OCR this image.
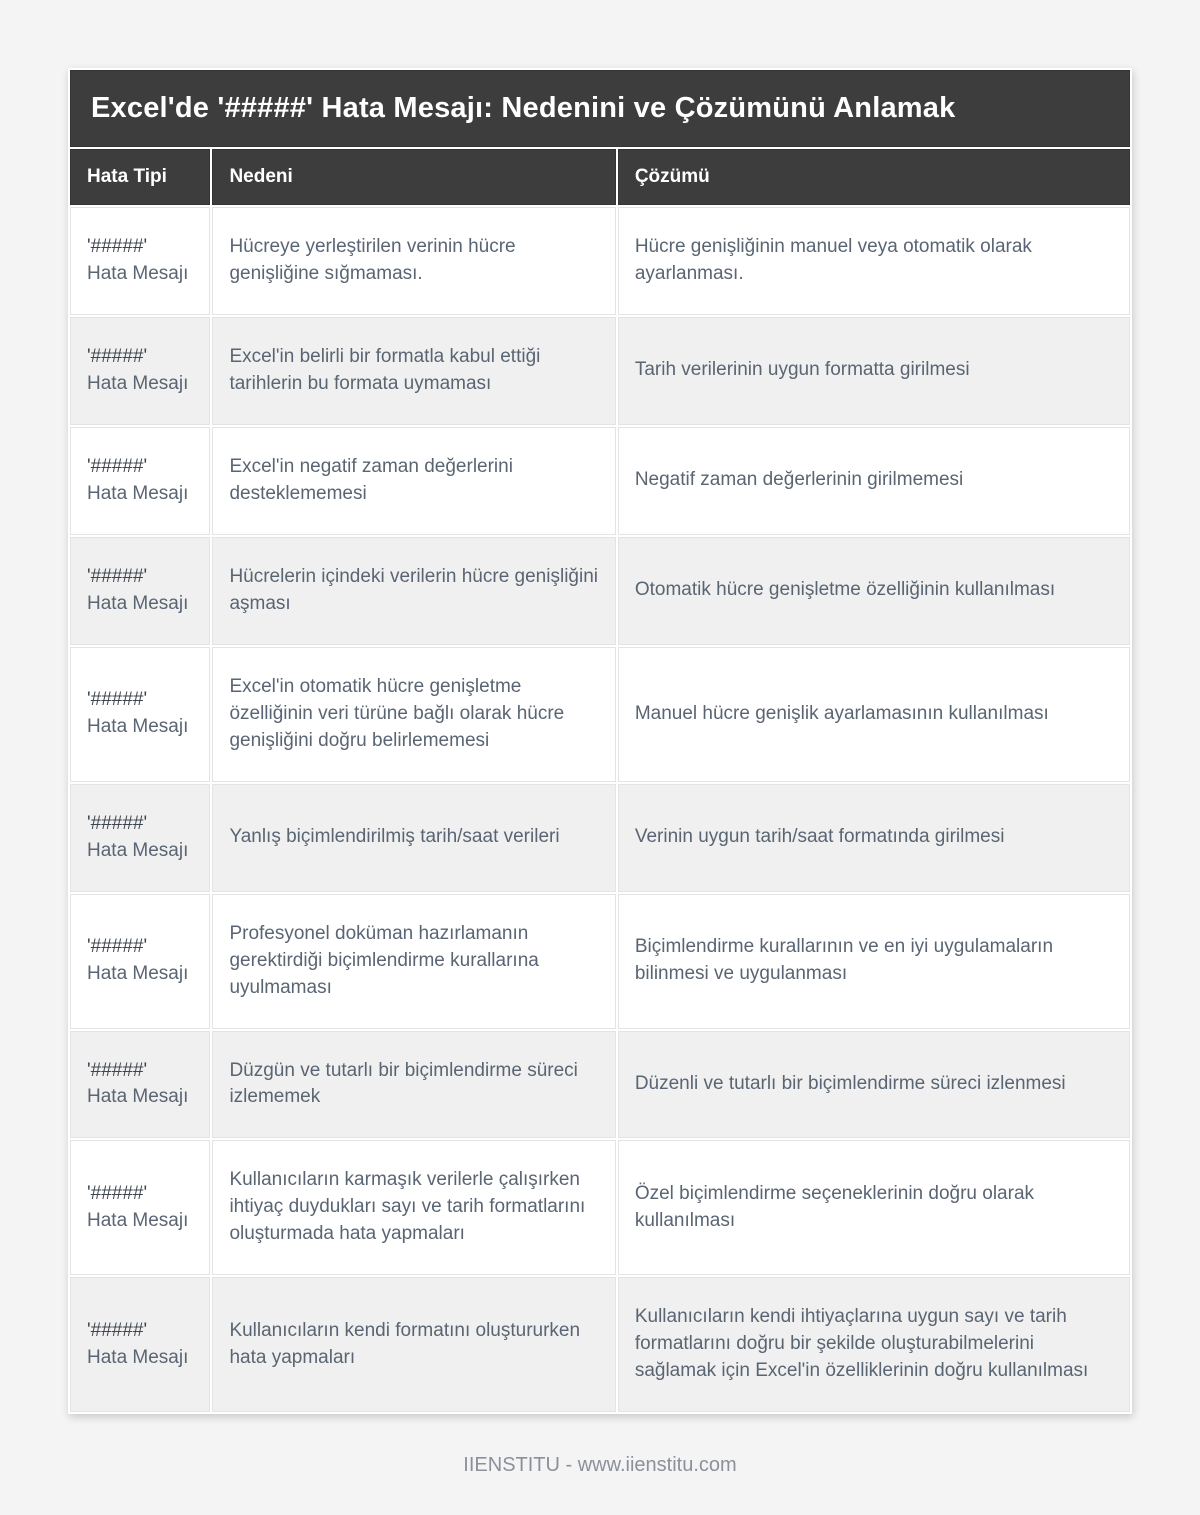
Excel'de '#####' Hata Mesajı: Nedenini ve Çözümünü Anlamak		
Hata Tipi	Nedeni	Çözümü

'#####'
Hata Mesajı	Hücreye yerleştirilen verinin hücre genişliğine sığmaması.	Hücre genişliğinin manuel veya otomatik olarak ayarlanması.

'#####'
Hata Mesajı	Excel'in belirli bir formatla kabul ettiği tarihlerin bu formata uymaması	Tarih verilerinin uygun formatta girilmesi

'#####'
Hata Mesajı	Excel'in negatif zaman değerlerini desteklememesi	Negatif zaman değerlerinin girilmemesi

'#####'
Hata Mesajı	Hücrelerin içindeki verilerin hücre genişliğini aşması	Otomatik hücre genişletme özelliğinin kullanılması

'#####'
Hata Mesajı	Excel'in otomatik hücre genişletme özelliğinin veri türüne bağlı olarak hücre genişliğini doğru belirlememesi	Manuel hücre genişlik ayarlamasının kullanılması

'#####'
Hata Mesajı	Yanlış biçimlendirilmiş tarih/saat verileri	Verinin uygun tarih/saat formatında girilmesi

'#####'
Hata Mesajı	Profesyonel doküman hazırlamanın gerektirdiği biçimlendirme kurallarına uyulmaması	Biçimlendirme kurallarının ve en iyi uygulamaların bilinmesi ve uygulanması

'#####'
Hata Mesajı	Düzgün ve tutarlı bir biçimlendirme süreci izlememek	Düzenli ve tutarlı bir biçimlendirme süreci izlenmesi

'#####'
Hata Mesajı	Kullanıcıların karmaşık verilerle çalışırken ihtiyaç duydukları sayı ve tarih formatlarını oluşturmada hata yapmaları	Özel biçimlendirme seçeneklerinin doğru olarak kullanılması

'#####'
Hata Mesajı	Kullanıcıların kendi formatını oluştururken hata yapmaları	Kullanıcıların kendi ihtiyaçlarına uygun sayı ve tarih formatlarını doğru bir şekilde oluşturabilmelerini sağlamak için Excel'in özelliklerinin doğru kullanılması
IIENSTITU - www.iienstitu.com
